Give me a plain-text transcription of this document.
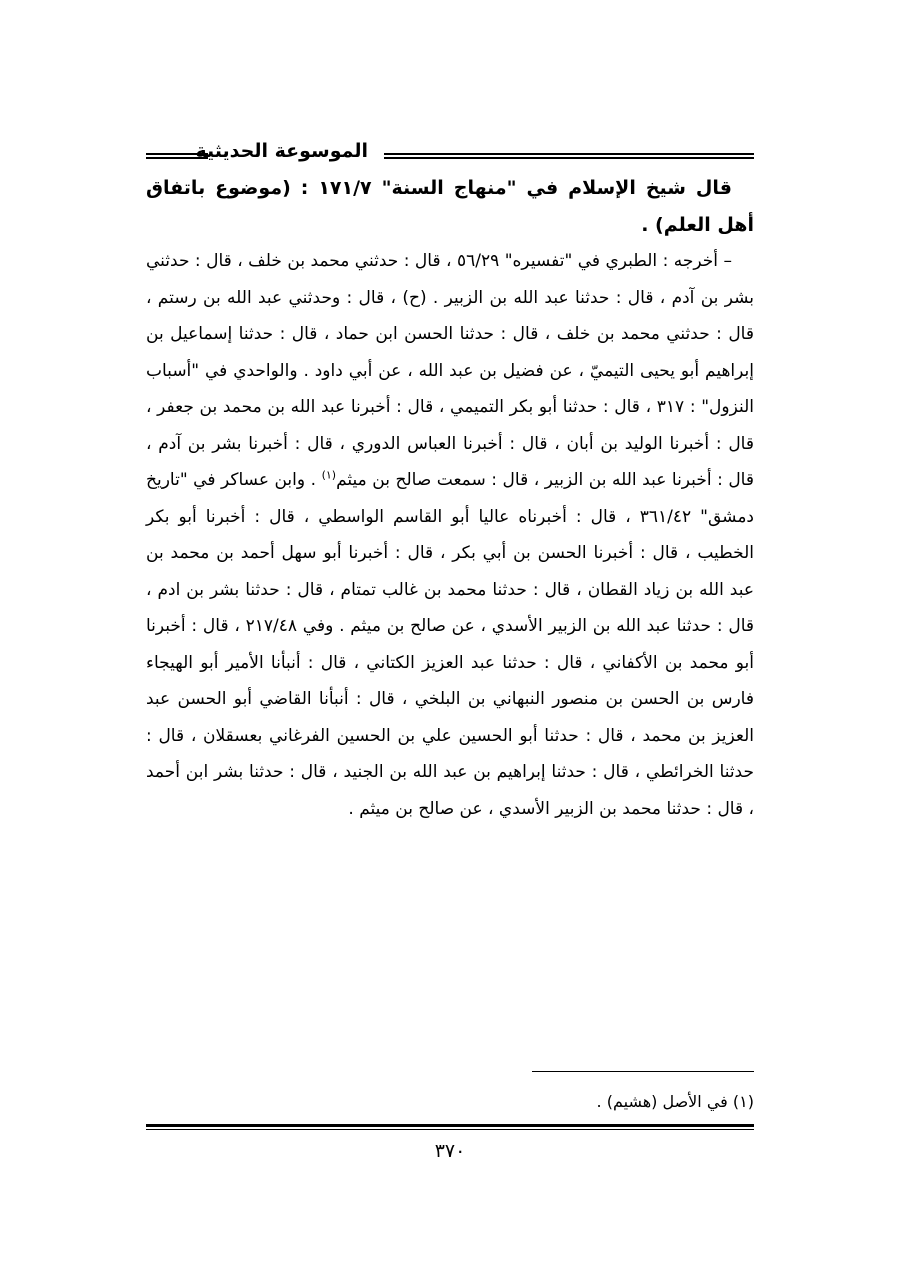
الموسوعة الحديثية

قال شيخ الإسلام في "منهاج السنة" ١٧١/٧ : (موضوع باتفاق أهل العلم) .

– أخرجه : الطبري في "تفسيره" ٥٦/٢٩ ، قال : حدثني محمد بن خلف ، قال : حدثني بشر بن آدم ، قال : حدثنا عبد الله بن الزبير . (ح) ، قال : وحدثني عبد الله بن رستم ، قال : حدثني محمد بن خلف ، قال : حدثنا الحسن ابن حماد ، قال : حدثنا إسماعيل بن إبراهيم أبو يحيى التيميّ ، عن فضيل بن عبد الله ، عن أبي داود . والواحدي في "أسباب النزول" : ٣١٧ ، قال : حدثنا أبو بكر التميمي ، قال : أخبرنا عبد الله بن محمد بن جعفر ، قال : أخبرنا الوليد بن أبان ، قال : أخبرنا العباس الدوري ، قال : أخبرنا بشر بن آدم ، قال : أخبرنا عبد الله بن الزبير ، قال : سمعت صالح بن ميثم$^{(١)}$ . وابن عساكر في "تاريخ دمشق" ٣٦١/٤٢ ، قال : أخبرناه عاليا أبو القاسم الواسطي ، قال : أخبرنا أبو بكر الخطيب ، قال : أخبرنا الحسن بن أبي بكر ، قال : أخبرنا أبو سهل أحمد بن محمد بن عبد الله بن زياد القطان ، قال : حدثنا محمد بن غالب تمتام ، قال : حدثنا بشر بن ادم ، قال : حدثنا عبد الله بن الزبير الأسدي ، عن صالح بن ميثم . وفي ٢١٧/٤٨ ، قال : أخبرنا أبو محمد بن الأكفاني ، قال : حدثنا عبد العزيز الكتاني ، قال : أنبأنا الأمير أبو الهيجاء فارس بن الحسن بن منصور النبهاني بن البلخي ، قال : أنبأنا القاضي أبو الحسن عبد العزيز بن محمد ، قال : حدثنا أبو الحسين علي بن الحسين الفرغاني بعسقلان ، قال : حدثنا الخرائطي ، قال : حدثنا إبراهيم بن عبد الله بن الجنيد ، قال : حدثنا بشر ابن أحمد ، قال : حدثنا محمد بن الزبير الأسدي ، عن صالح بن ميثم .

(١) في الأصل (هشيم) .
٣٧٠
